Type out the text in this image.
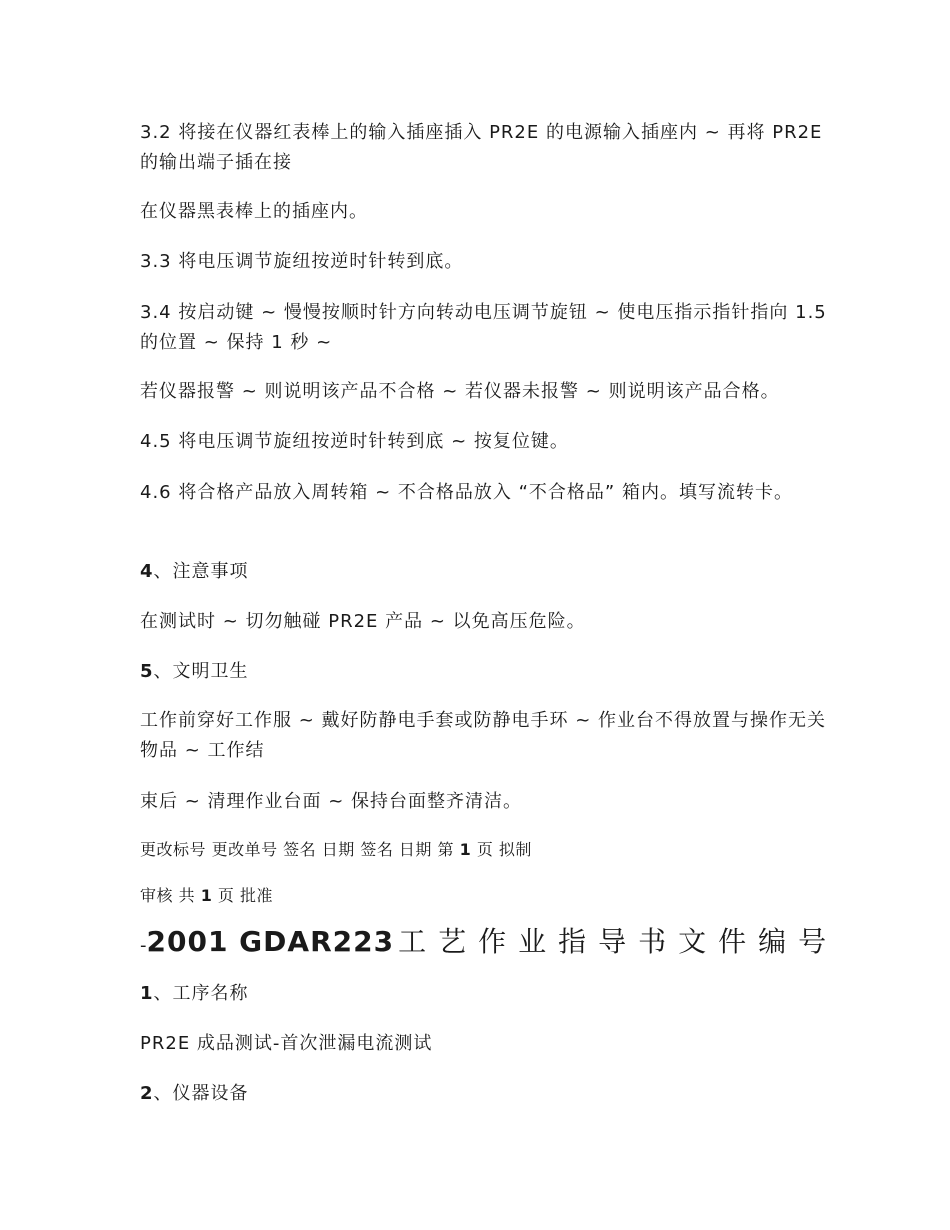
3.2 将接在仪器红表棒上的输入插座插入 PR2E 的电源输入插座内 ~ 再将 PR2E 的输出端子插在接
在仪器黑表棒上的插座内。
3.3 将电压调节旋纽按逆时针转到底。
3.4 按启动键 ~ 慢慢按顺时针方向转动电压调节旋钮 ~ 使电压指示指针指向 1.5 的位置 ~ 保持 1 秒 ~
若仪器报警 ~ 则说明该产品不合格 ~ 若仪器未报警 ~ 则说明该产品合格。
4.5 将电压调节旋纽按逆时针转到底 ~ 按复位键。
4.6 将合格产品放入周转箱 ~ 不合格品放入 “不合格品” 箱内。填写流转卡。
4、注意事项
在测试时 ~ 切勿触碰 PR2E 产品 ~ 以免高压危险。
5、文明卫生
工作前穿好工作服 ~ 戴好防静电手套或防静电手环 ~ 作业台不得放置与操作无关物品 ~ 工作结
束后 ~ 清理作业台面 ~ 保持台面整齐清洁。
更改标号 更改单号 签名 日期 签名 日期 第 1 页 拟制
审核 共 1 页 批准
-2001 GDAR223 工艺作业指导书文件编号
1、工序名称
PR2E 成品测试-首次泄漏电流测试
2、仪器设备
